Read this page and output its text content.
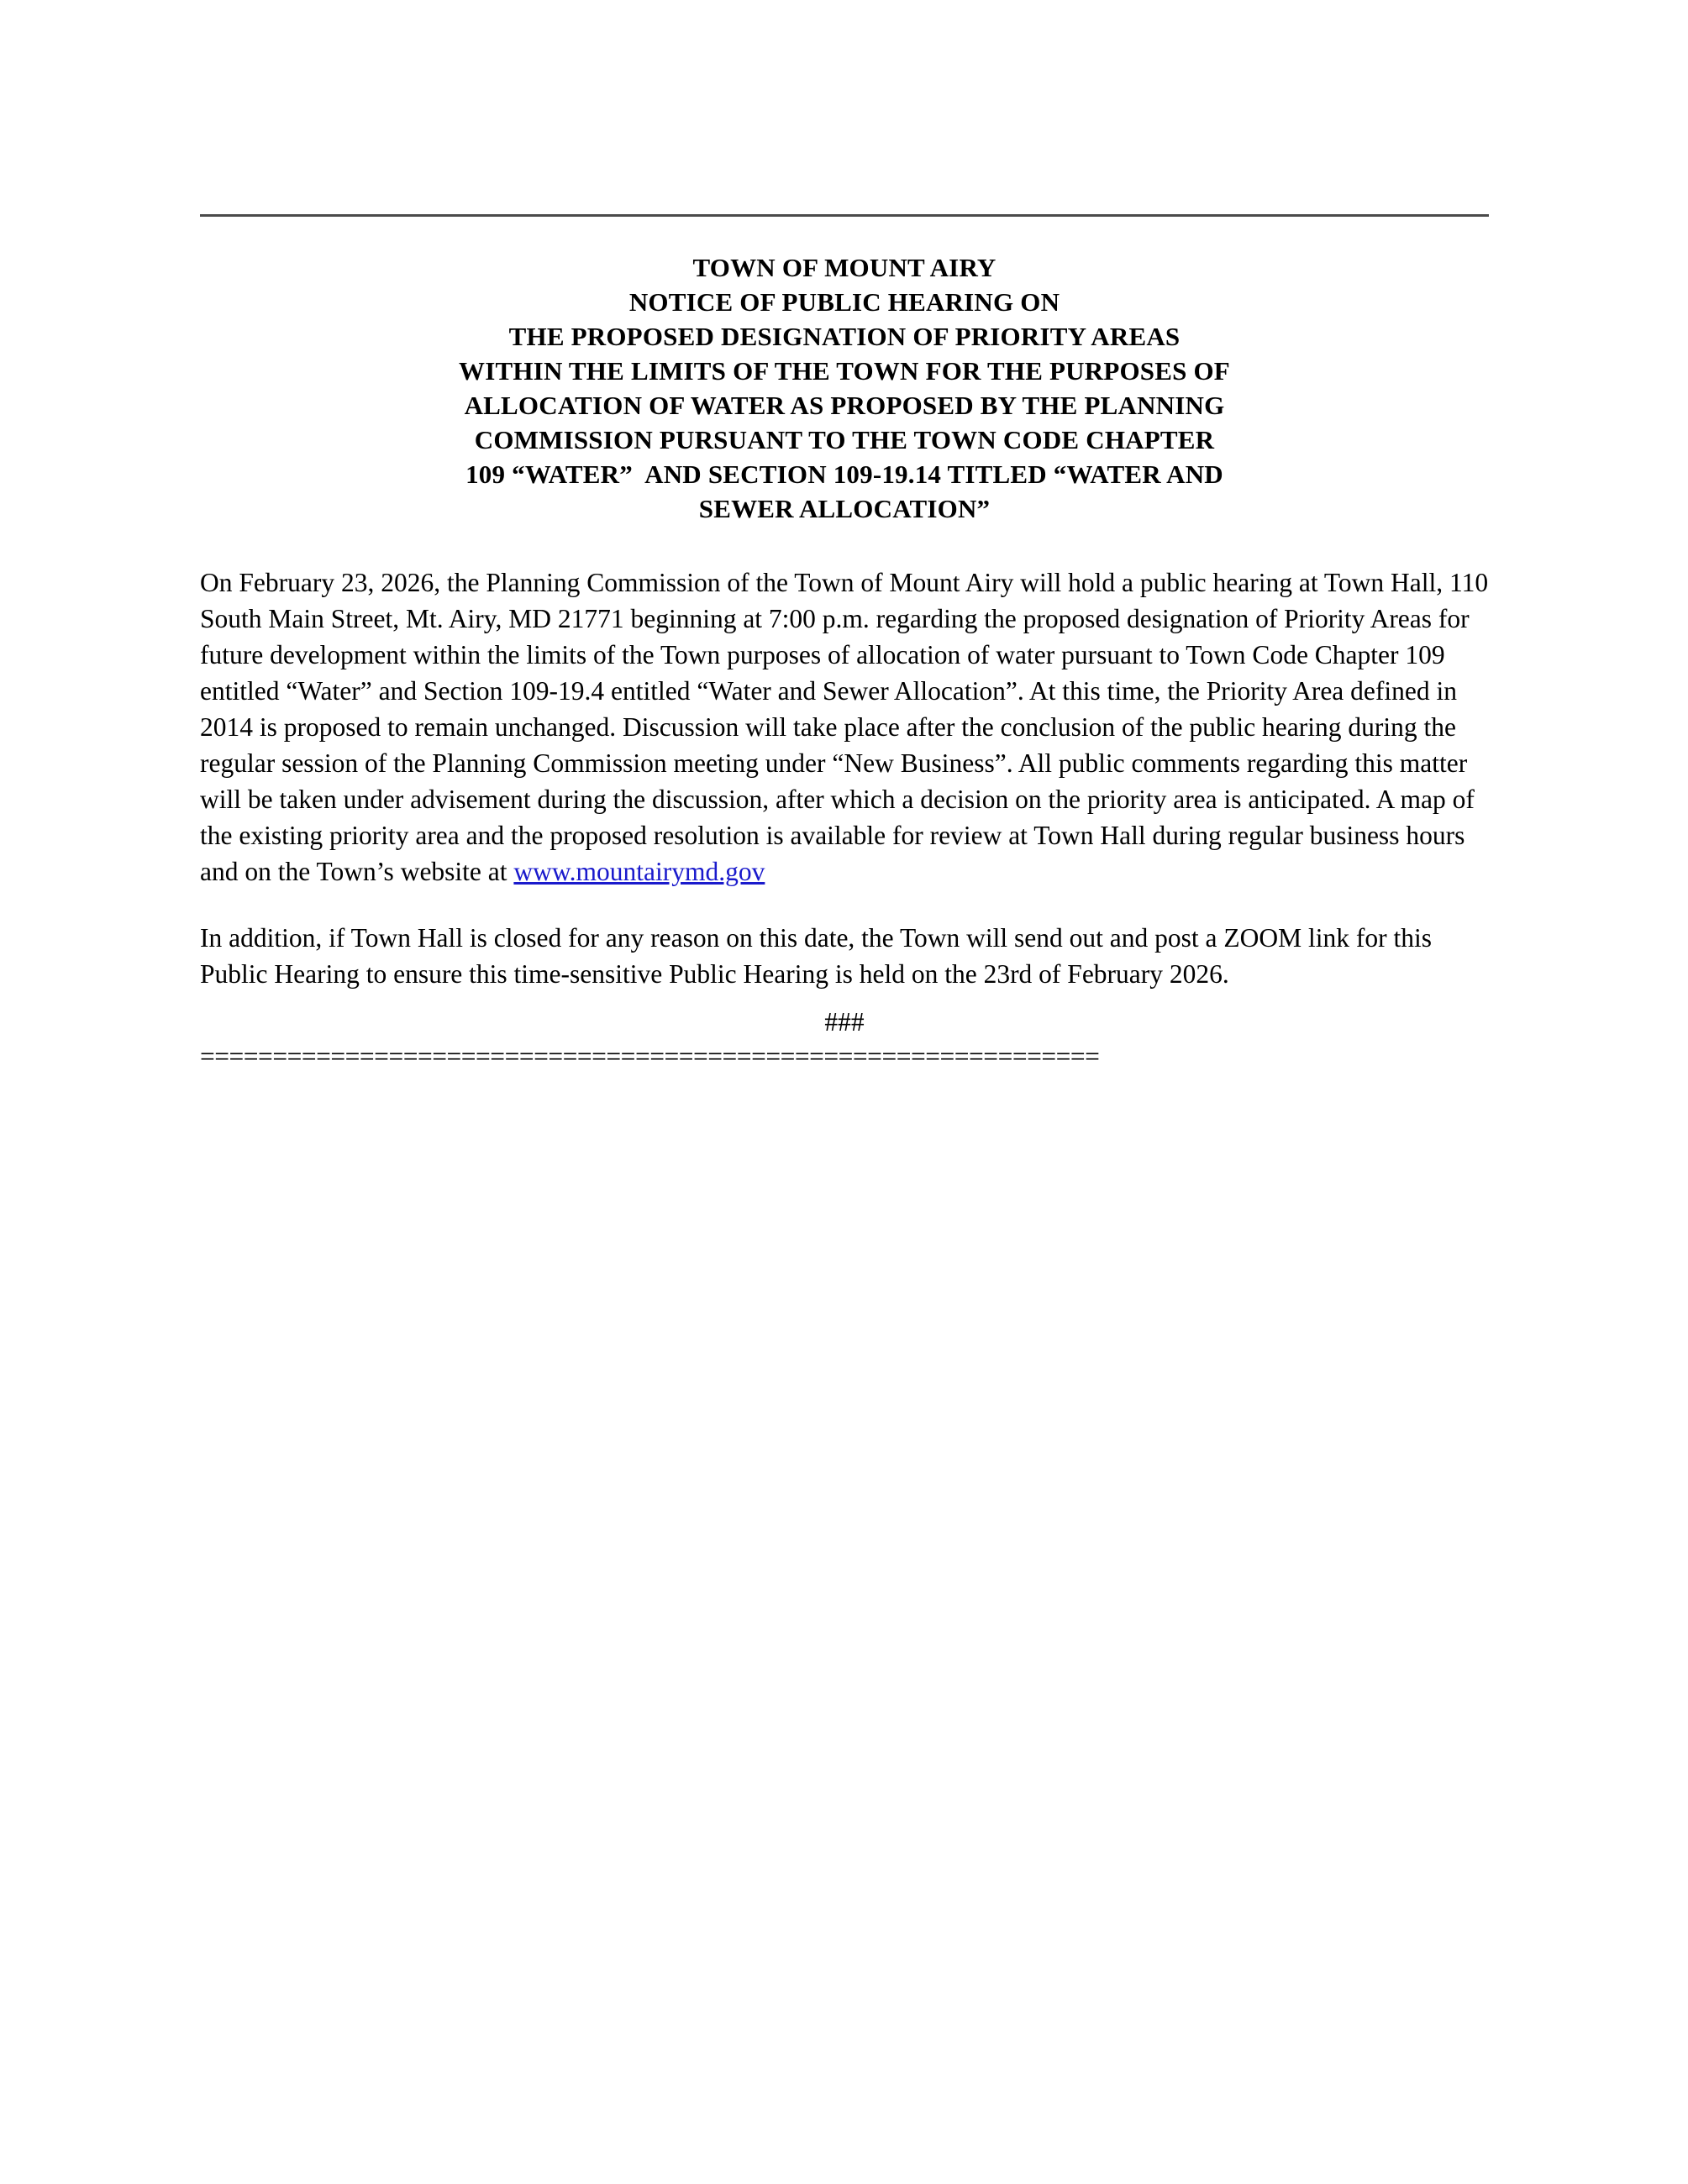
TOWN OF MOUNT AIRY
NOTICE OF PUBLIC HEARING ON
THE PROPOSED DESIGNATION OF PRIORITY AREAS
WITHIN THE LIMITS OF THE TOWN FOR THE PURPOSES OF
ALLOCATION OF WATER AS PROPOSED BY THE PLANNING
COMMISSION PURSUANT TO THE TOWN CODE CHAPTER
109 “WATER”  AND SECTION 109-19.14 TITLED “WATER AND
SEWER ALLOCATION”

On February 23, 2026, the Planning Commission of the Town of Mount Airy will hold a public hearing at Town Hall, 110 South Main Street, Mt. Airy, MD 21771 beginning at 7:00 p.m. regarding the proposed designation of Priority Areas for future development within the limits of the Town purposes of allocation of water pursuant to Town Code Chapter 109 entitled “Water” and Section 109-19.4 entitled “Water and Sewer Allocation”. At this time, the Priority Area defined in 2014 is proposed to remain unchanged. Discussion will take place after the conclusion of the public hearing during the regular session of the Planning Commission meeting under “New Business”. All public comments regarding this matter will be taken under advisement during the discussion, after which a decision on the priority area is anticipated. A map of the existing priority area and the proposed resolution is available for review at Town Hall during regular business hours and on the Town’s website at www.mountairymd.gov

In addition, if Town Hall is closed for any reason on this date, the Town will send out and post a ZOOM link for this Public Hearing to ensure this time-sensitive Public Hearing is held on the 23rd of February 2026.

###
==============================================================
